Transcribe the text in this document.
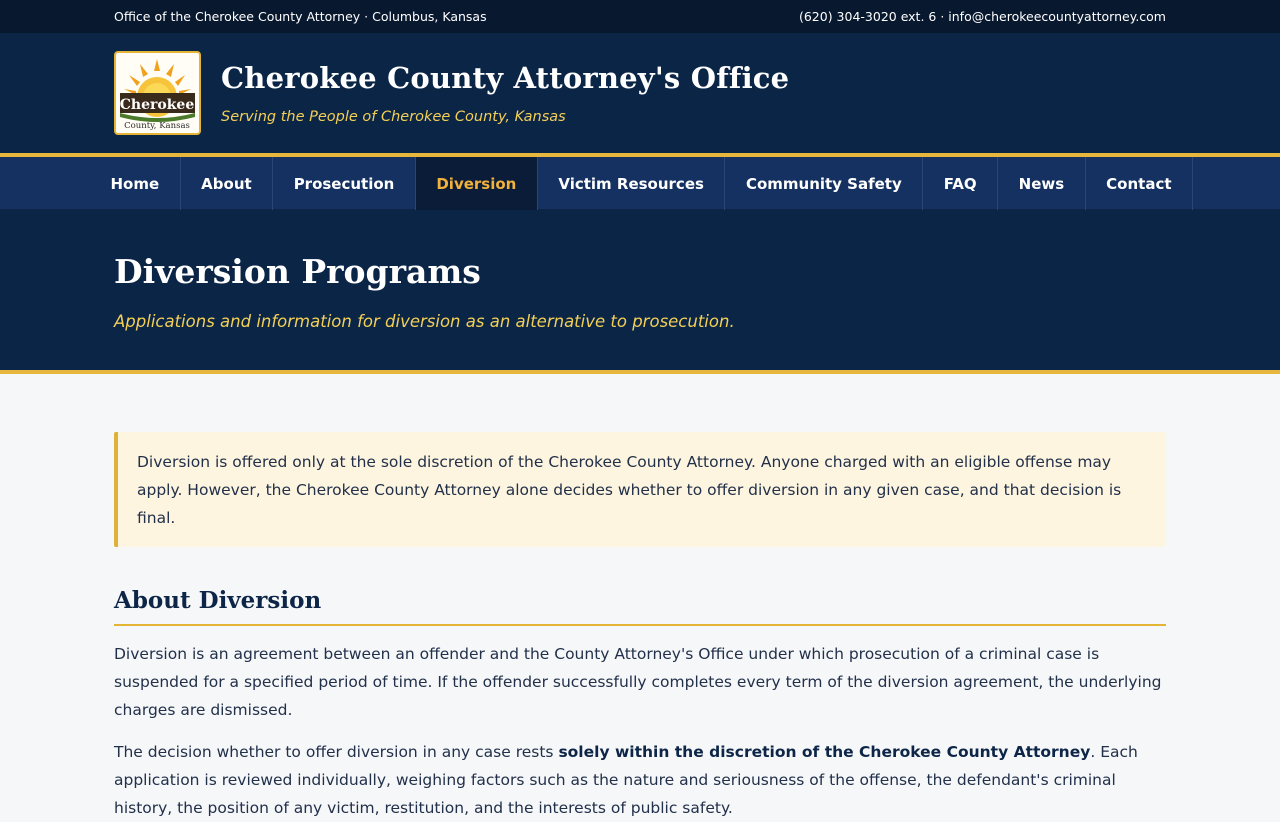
Office of the Cherokee County Attorney · Columbus, Kansas	(620) 304-3020 ext. 6 · info@cherokeecountyattorney.com
Cherokee
County, Kansas
Cherokee County Attorney's Office
Serving the People of Cherokee County, Kansas
Home	About	Prosecution	Diversion	Victim Resources	Community Safety	FAQ	News	Contact
Diversion Programs

Applications and information for diversion as an alternative to prosecution.

Diversion is offered only at the sole discretion of the Cherokee County Attorney. Anyone charged with an eligible offense may apply. However, the Cherokee County Attorney alone decides whether to offer diversion in any given case, and that decision is final.
About Diversion

Diversion is an agreement between an offender and the County Attorney's Office under which prosecution of a criminal case is suspended for a specified period of time. If the offender successfully completes every term of the diversion agreement, the underlying charges are dismissed.

The decision whether to offer diversion in any case rests solely within the discretion of the Cherokee County Attorney. Each application is reviewed individually, weighing factors such as the nature and seriousness of the offense, the defendant's criminal history, the position of any victim, restitution, and the interests of public safety.
